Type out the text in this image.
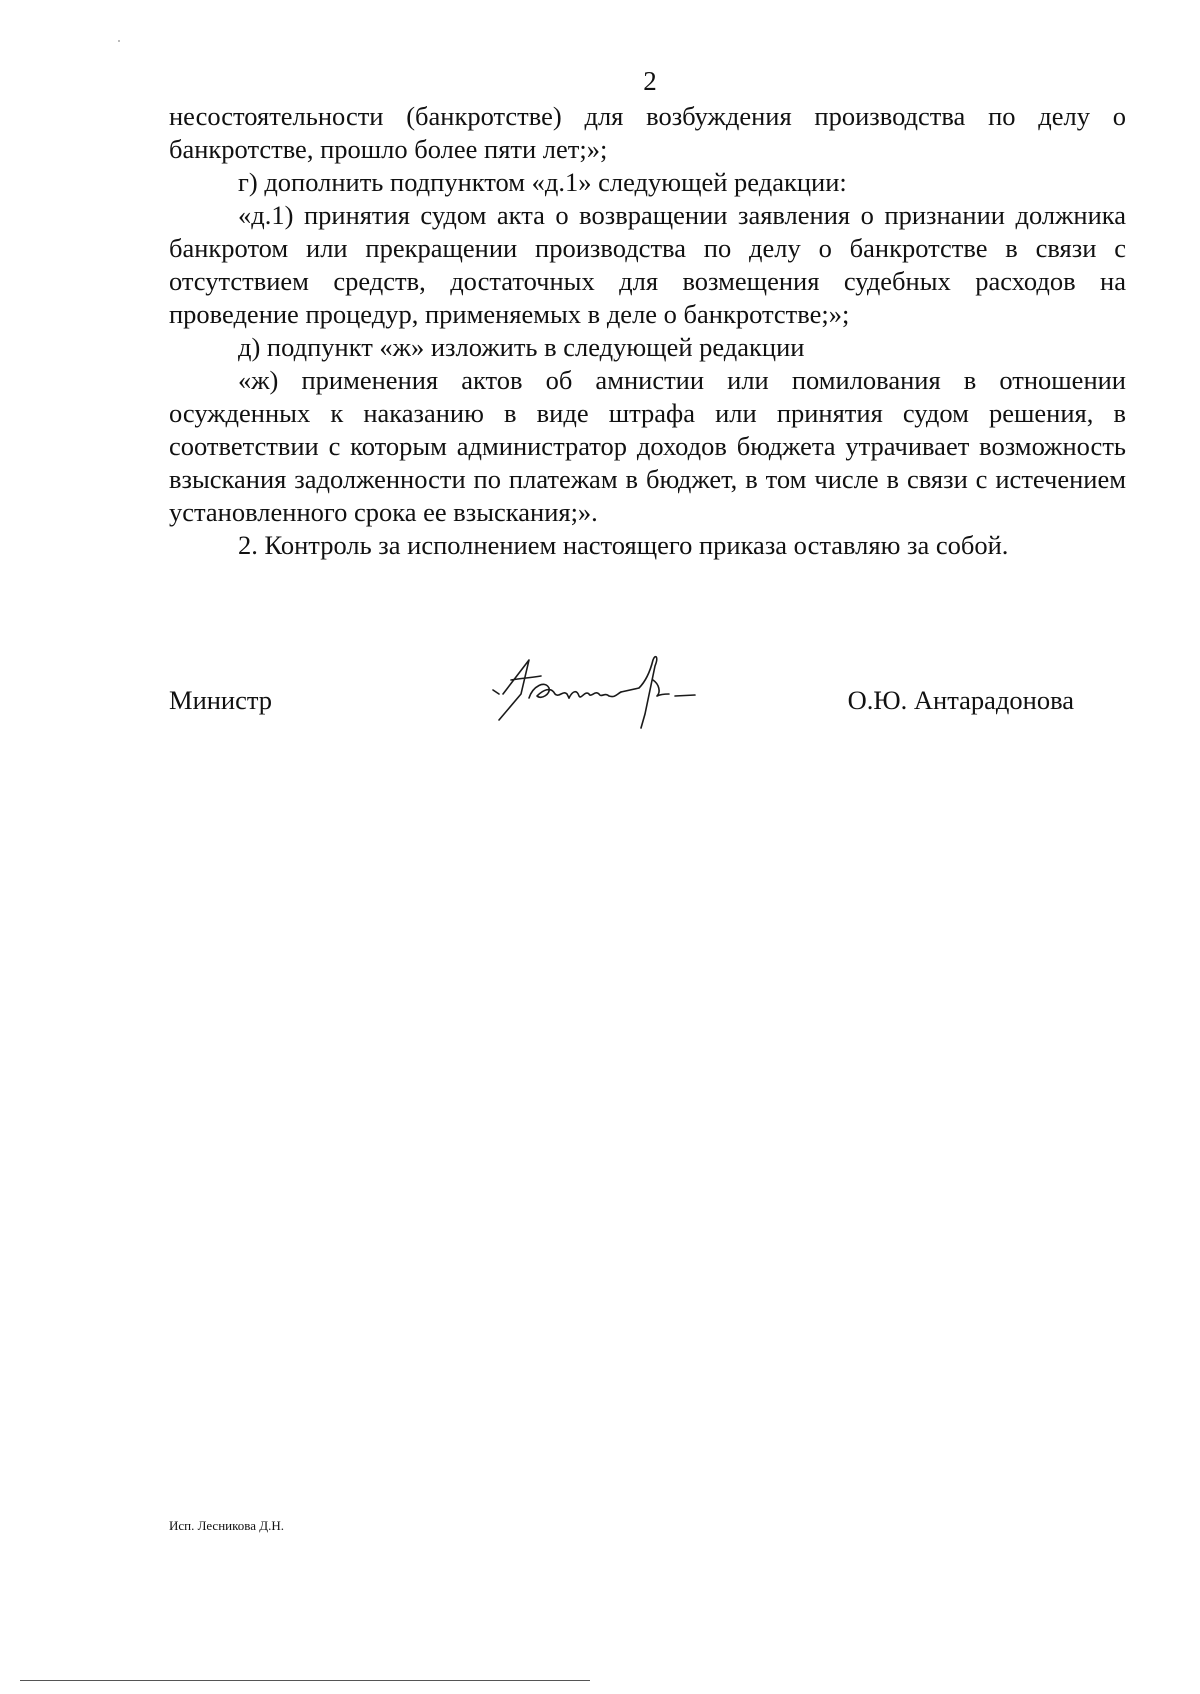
2

несостоятельности (банкротстве) для возбуждения производства по делу о банкротстве, прошло более пяти лет;»;

г) дополнить подпунктом «д.1» следующей редакции:

«д.1) принятия судом акта о возвращении заявления о признании должника банкротом или прекращении производства по делу о банкротстве в связи с отсутствием средств, достаточных для возмещения судебных расходов на проведение процедур, применяемых в деле о банкротстве;»;

д) подпункт «ж» изложить в следующей редакции

«ж) применения актов об амнистии или помилования в отношении осужденных к наказанию в виде штрафа или принятия судом решения, в соответствии с которым администратор доходов бюджета утрачивает возможность взыскания задолженности по платежам в бюджет, в том числе в связи с истечением установленного срока ее взыскания;».

2. Контроль за исполнением настоящего приказа оставляю за собой.

Министр	О.Ю. Антарадонова
Исп. Лесникова Д.Н.
